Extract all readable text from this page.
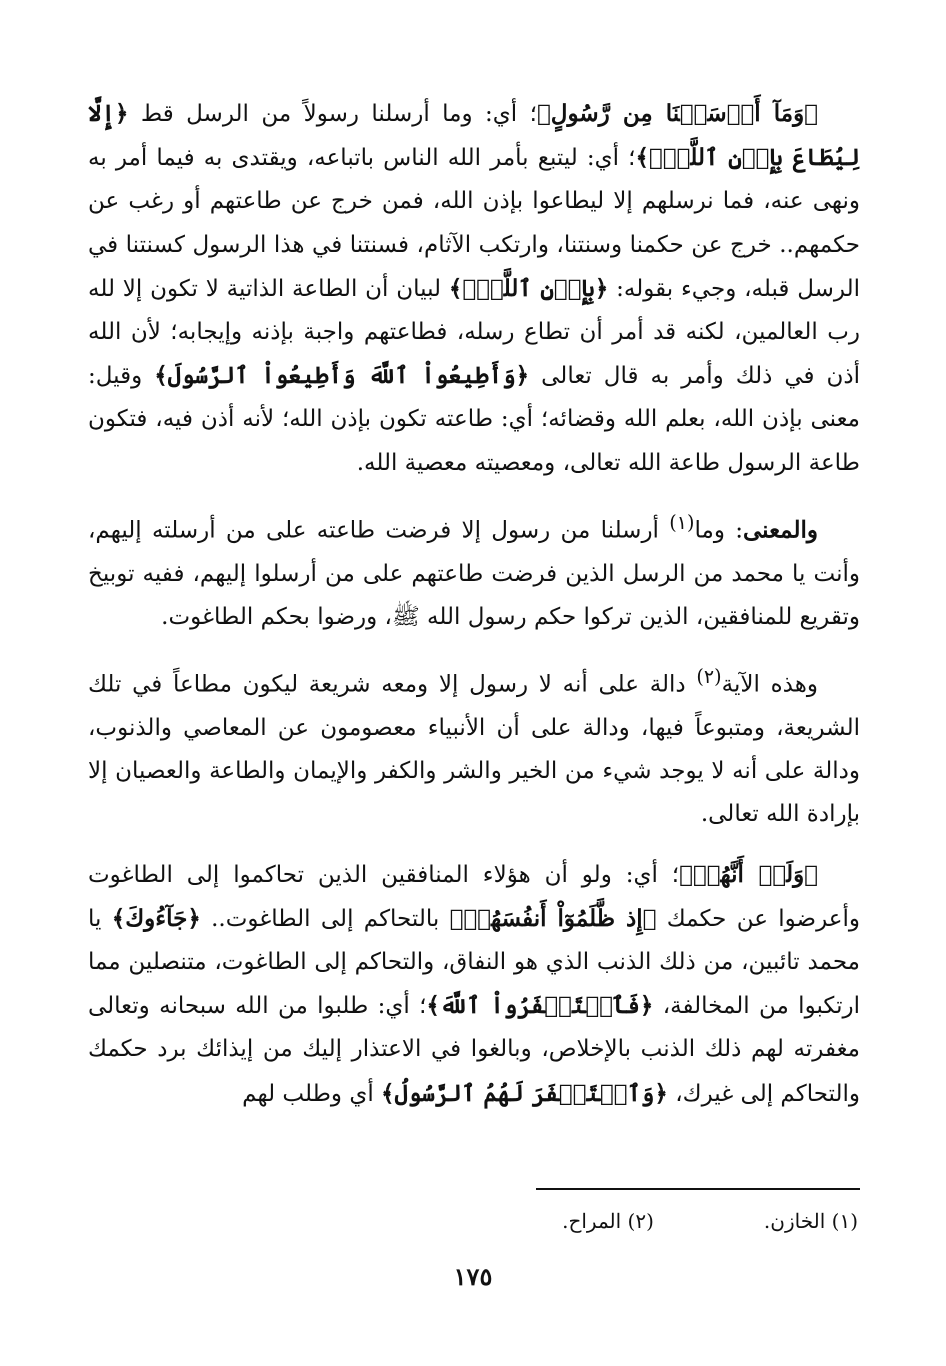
﴿وَمَآ أَرۡسَلۡنَا مِن رَّسُولٍ﴾؛ أي: وما أرسلنا رسولاً من الرسل قط ﴿إِلَّا لِيُطَاعَ بِإِذۡنِ ٱللَّهِۚ﴾؛ أي: ليتبع بأمر الله الناس باتباعه، ويقتدى به فيما أمر به ونهى عنه، فما نرسلهم إلا ليطاعوا بإذن الله، فمن خرج عن طاعتهم أو رغب عن حكمهم.. خرج عن حكمنا وسنتنا، وارتكب الآثام، فسنتنا في هذا الرسول كسنتنا في الرسل قبله، وجيء بقوله: ﴿بِإِذۡنِ ٱللَّهِۚ﴾ لبيان أن الطاعة الذاتية لا تكون إلا لله رب العالمين، لكنه قد أمر أن تطاع رسله، فطاعتهم واجبة بإذنه وإيجابه؛ لأن الله أذن في ذلك وأمر به قال تعالى ﴿وَأَطِيعُواْ ٱللَّهَ وَأَطِيعُواْ ٱلرَّسُولَ﴾ وقيل: معنى بإذن الله، بعلم الله وقضائه؛ أي: طاعته تكون بإذن الله؛ لأنه أذن فيه، فتكون طاعة الرسول طاعة الله تعالى، ومعصيته معصية الله.

والمعنى: وما$^{(١)}$ أرسلنا من رسول إلا فرضت طاعته على من أرسلته إليهم، وأنت يا محمد من الرسل الذين فرضت طاعتهم على من أرسلوا إليهم، ففيه توبيخ وتقريع للمنافقين، الذين تركوا حكم رسول الله ﷺ، ورضوا بحكم الطاغوت.

وهذه الآية$^{(٢)}$ دالة على أنه لا رسول إلا ومعه شريعة ليكون مطاعاً في تلك الشريعة، ومتبوعاً فيها، ودالة على أن الأنبياء معصومون عن المعاصي والذنوب، ودالة على أنه لا يوجد شيء من الخير والشر والكفر والإيمان والطاعة والعصيان إلا بإرادة الله تعالى.

﴿وَلَوۡ أَنَّهُمۡ﴾؛ أي: ولو أن هؤلاء المنافقين الذين تحاكموا إلى الطاغوت وأعرضوا عن حكمك ﴿إِذ ظَّلَمُوٓاْ أَنفُسَهُمۡ﴾ بالتحاكم إلى الطاغوت.. ﴿جَآءُوكَ﴾ يا محمد تائبين، من ذلك الذنب الذي هو النفاق، والتحاكم إلى الطاغوت، متنصلين مما ارتكبوا من المخالفة، ﴿فَٱسۡتَغۡفَرُواْ ٱللَّهَ﴾؛ أي: طلبوا من الله سبحانه وتعالى مغفرته لهم ذلك الذنب بالإخلاص، وبالغوا في الاعتذار إليك من إيذائك برد حكمك والتحاكم إلى غيرك، ﴿وَٱسۡتَغۡفَرَ لَهُمُ ٱلرَّسُولُ﴾ أي وطلب لهم

(١) الخازن.
(٢) المراح.
١٧٥
